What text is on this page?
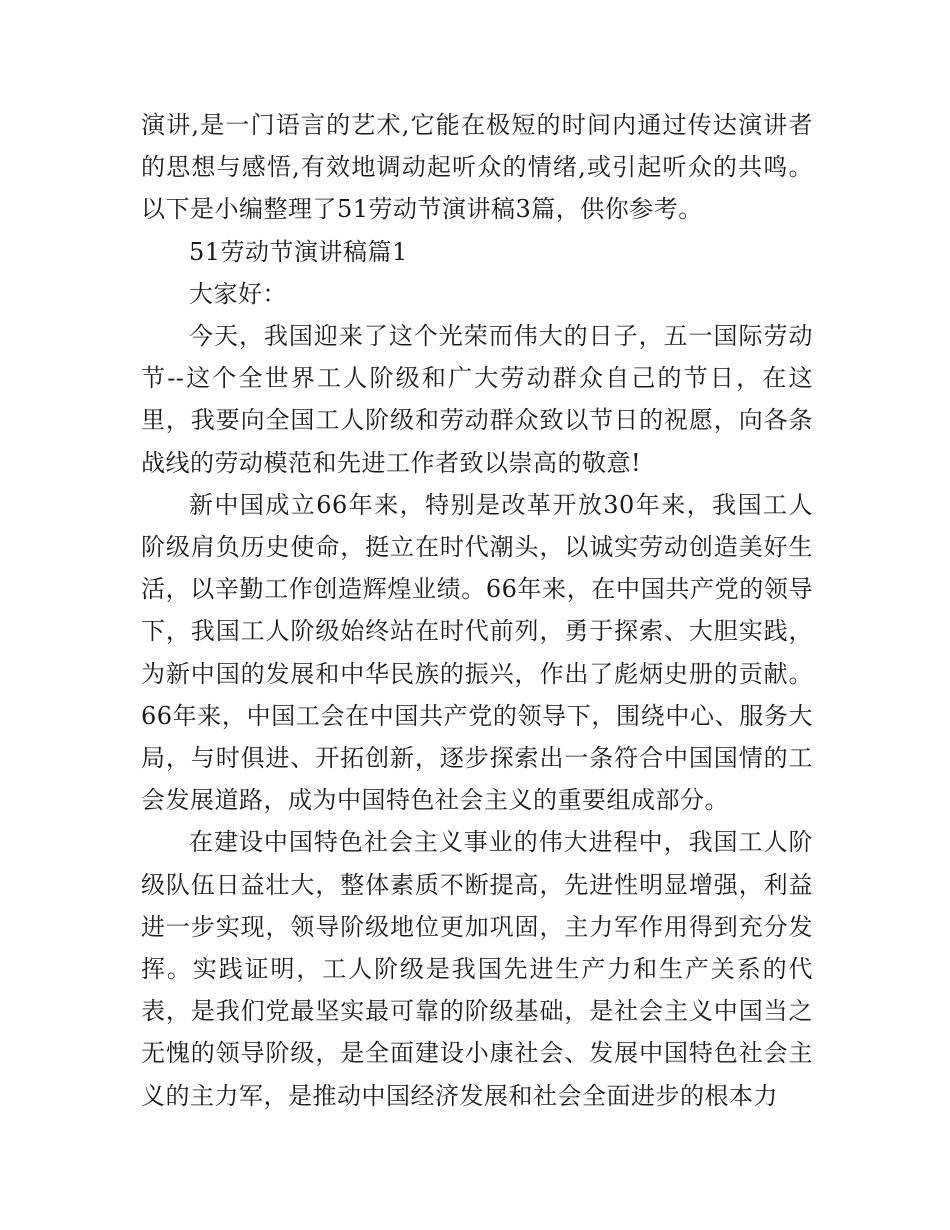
演讲,是一门语言的艺术,它能在极短的时间内通过传达演讲者的思想与感悟,有效地调动起听众的情绪,或引起听众的共鸣。以下是小编整理了51劳动节演讲稿3篇，供你参考。

51劳动节演讲稿篇1

大家好：

今天，我国迎来了这个光荣而伟大的日子，五一国际劳动节--这个全世界工人阶级和广大劳动群众自己的节日，在这里，我要向全国工人阶级和劳动群众致以节日的祝愿，向各条战线的劳动模范和先进工作者致以崇高的敬意!

新中国成立66年来，特别是改革开放30年来，我国工人阶级肩负历史使命，挺立在时代潮头，以诚实劳动创造美好生活，以辛勤工作创造辉煌业绩。66年来，在中国共产党的领导下，我国工人阶级始终站在时代前列，勇于探索、大胆实践，为新中国的发展和中华民族的振兴，作出了彪炳史册的贡献。66年来，中国工会在中国共产党的领导下，围绕中心、服务大局，与时俱进、开拓创新，逐步探索出一条符合中国国情的工会发展道路，成为中国特色社会主义的重要组成部分。

在建设中国特色社会主义事业的伟大进程中，我国工人阶级队伍日益壮大，整体素质不断提高，先进性明显增强，利益进一步实现，领导阶级地位更加巩固，主力军作用得到充分发挥。实践证明，工人阶级是我国先进生产力和生产关系的代表，是我们党最坚实最可靠的阶级基础，是社会主义中国当之无愧的领导阶级，是全面建设小康社会、发展中国特色社会主义的主力军，是推动中国经济发展和社会全面进步的根本力
